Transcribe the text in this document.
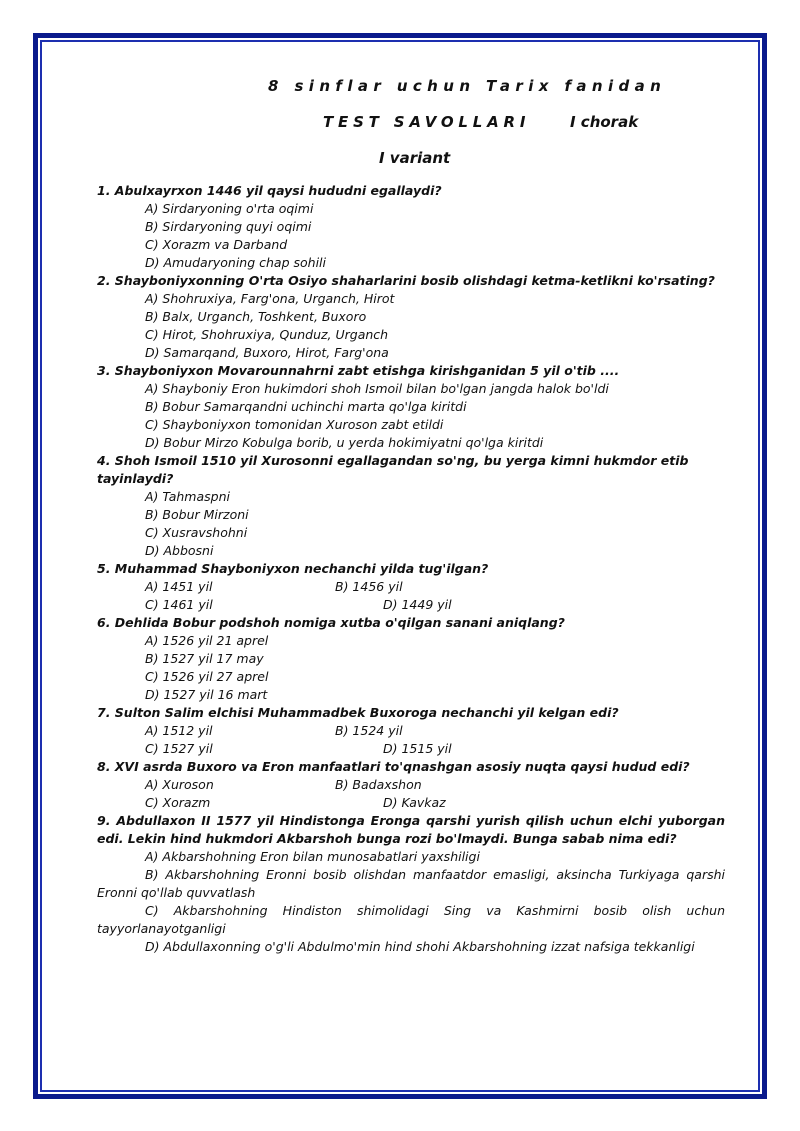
8 sinflar uchun Tarix fanidan
TEST SAVOLLARI	I chorak
I variant
1. Abulxayrxon 1446 yil qaysi hududni egallaydi?
A) Sirdaryoning o'rta oqimi
B) Sirdaryoning quyi oqimi
C) Xorazm va Darband
D) Amudaryoning chap sohili
2. Shayboniyxonning O'rta Osiyo shaharlarini bosib olishdagi ketma-ketlikni ko'rsating?
A) Shohruxiya, Farg'ona, Urganch, Hirot
B) Balx, Urganch, Toshkent, Buxoro
C) Hirot, Shohruxiya, Qunduz, Urganch
D) Samarqand, Buxoro, Hirot, Farg'ona
3. Shayboniyxon Movarounnahrni zabt etishga kirishganidan 5 yil o'tib ....
A) Shayboniy Eron hukimdori shoh Ismoil bilan bo'lgan jangda halok bo'ldi
B) Bobur Samarqandni uchinchi marta qo'lga kiritdi
C) Shayboniyxon tomonidan Xuroson zabt etildi
D) Bobur Mirzo Kobulga borib, u yerda hokimiyatni qo'lga kiritdi
4. Shoh Ismoil 1510 yil Xurosonni egallagandan so'ng, bu yerga kimni hukmdor etib tayinlaydi?
A) Tahmaspni
B) Bobur Mirzoni
C) Xusravshohni
D) Abbosni
5. Muhammad Shayboniyxon nechanchi yilda tug'ilgan?
A) 1451 yil	B) 1456 yil
C) 1461 yil	D) 1449 yil
6. Dehlida Bobur podshoh nomiga xutba o'qilgan sanani aniqlang?
A) 1526 yil 21 aprel
B) 1527 yil 17 may
C) 1526 yil 27 aprel
D) 1527 yil 16 mart
7. Sulton Salim elchisi Muhammadbek Buxoroga nechanchi yil kelgan edi?
A) 1512 yil	B) 1524 yil
C) 1527 yil	D) 1515 yil
8. XVI asrda Buxoro va Eron manfaatlari to'qnashgan asosiy nuqta qaysi hudud edi?
A) Xuroson	B) Badaxshon
C) Xorazm	D) Kavkaz
9. Abdullaxon II 1577 yil Hindistonga Eronga qarshi yurish qilish uchun elchi yuborgan edi. Lekin hind hukmdori Akbarshoh bunga rozi bo'lmaydi. Bunga sabab nima edi?
A) Akbarshohning Eron bilan munosabatlari yaxshiligi
B) Akbarshohning Eronni bosib olishdan manfaatdor emasligi, aksincha Turkiyaga qarshi Eronni qo'llab quvvatlash
C) Akbarshohning Hindiston shimolidagi Sing va Kashmirni bosib olish uchun tayyorlanayotganligi
D) Abdullaxonning o'g'li Abdulmo'min hind shohi Akbarshohning izzat nafsiga tekkanligi
